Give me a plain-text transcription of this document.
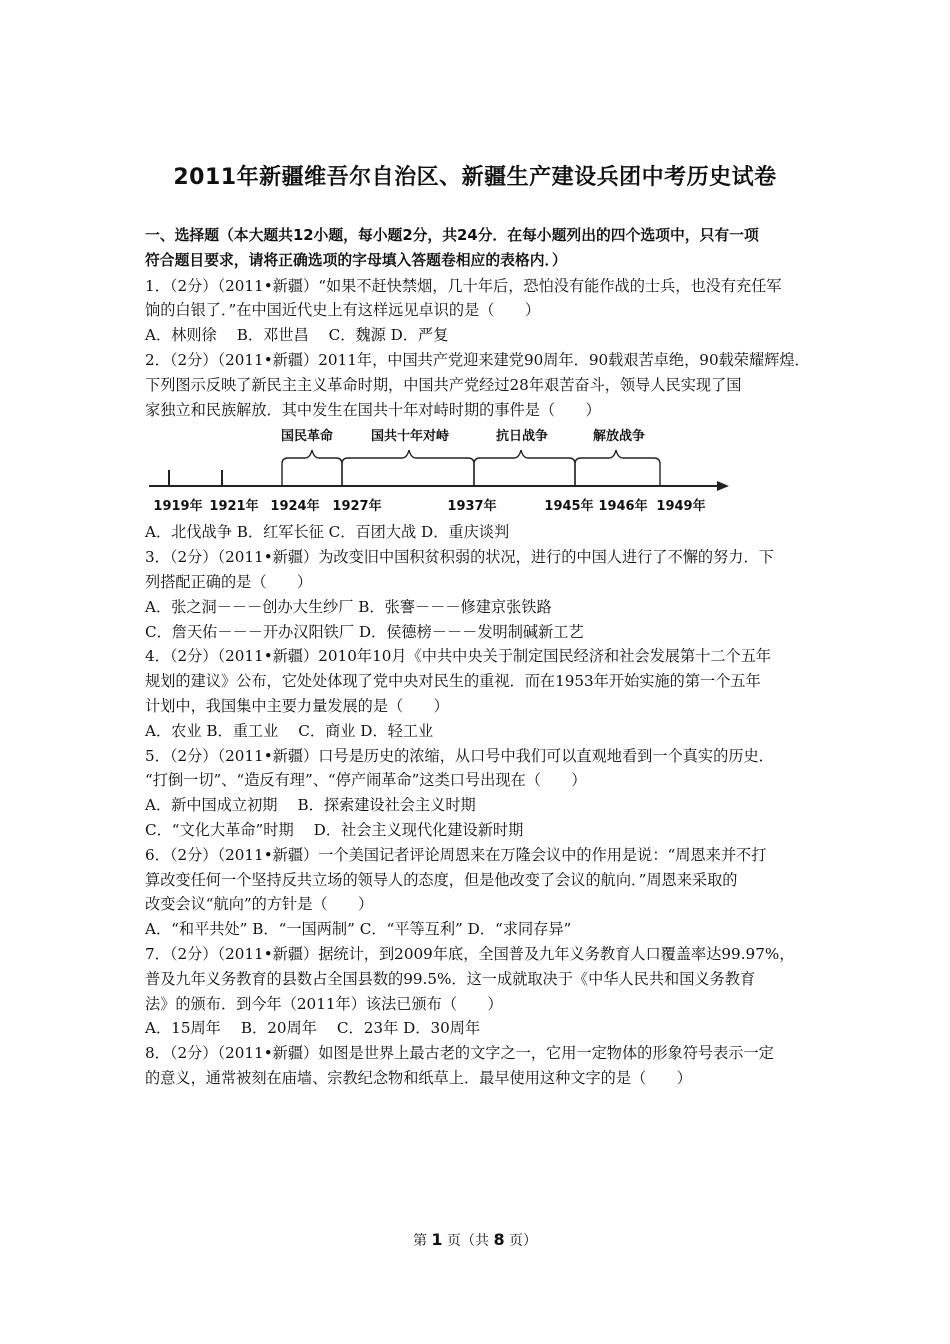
2011年新疆维吾尔自治区、新疆生产建设兵团中考历史试卷
一、选择题（本大题共12小题，每小题2分，共24分．在每小题列出的四个选项中，只有一项
符合题目要求，请将正确选项的字母填入答题卷相应的表格内．）
1．（2分）（2011•新疆）“如果不赶快禁烟，几十年后，恐怕没有能作战的士兵，也没有充任军
饷的白银了．”在中国近代史上有这样远见卓识的是（　　）
A．林则徐　 B．邓世昌　 C．魏源 D．严复
2．（2分）（2011•新疆）2011年，中国共产党迎来建党90周年．90载艰苦卓绝，90载荣耀辉煌．
下列图示反映了新民主主义革命时期，中国共产党经过28年艰苦奋斗，领导人民实现了国
家独立和民族解放．其中发生在国共十年对峙时期的事件是（　　）
国民革命	国共十年对峙	抗日战争	解放战争
1919年 1921年 1924年 1927年	1937年	1945年 1946年 1949年
A．北伐战争 B．红军长征 C．百团大战 D．重庆谈判
3．（2分）（2011•新疆）为改变旧中国积贫积弱的状况，进行的中国人进行了不懈的努力．下
列搭配正确的是（　　）
A．张之洞－－－创办大生纱厂 B．张謇－－－修建京张铁路
C．詹天佑－－－开办汉阳铁厂 D．侯德榜－－－发明制碱新工艺
4．（2分）（2011•新疆）2010年10月《中共中央关于制定国民经济和社会发展第十二个五年
规划的建议》公布，它处处体现了党中央对民生的重视．而在1953年开始实施的第一个五年
计划中，我国集中主要力量发展的是（　　）
A．农业 B．重工业　 C．商业 D．轻工业
5．（2分）（2011•新疆）口号是历史的浓缩，从口号中我们可以直观地看到一个真实的历史．
“打倒一切”、“造反有理”、“停产闹革命”这类口号出现在（　　）
A．新中国成立初期　 B．探索建设社会主义时期
C．“文化大革命”时期　 D．社会主义现代化建设新时期
6．（2分）（2011•新疆）一个美国记者评论周恩来在万隆会议中的作用是说：“周恩来并不打
算改变任何一个坚持反共立场的领导人的态度，但是他改变了会议的航向．”周恩来采取的
改变会议“航向”的方针是（　　）
A．“和平共处” B．“一国两制” C．“平等互利” D．“求同存异”
7．（2分）（2011•新疆）据统计，到2009年底，全国普及九年义务教育人口覆盖率达99.97%，
普及九年义务教育的县数占全国县数的99.5%．这一成就取决于《中华人民共和国义务教育
法》的颁布．到今年（2011年）该法已颁布（　　）
A．15周年　 B．20周年　 C．23年 D．30周年
8．（2分）（2011•新疆）如图是世界上最古老的文字之一，它用一定物体的形象符号表示一定
的意义，通常被刻在庙墙、宗教纪念物和纸草上．最早使用这种文字的是（　　）
第 1 页（共 8 页）
